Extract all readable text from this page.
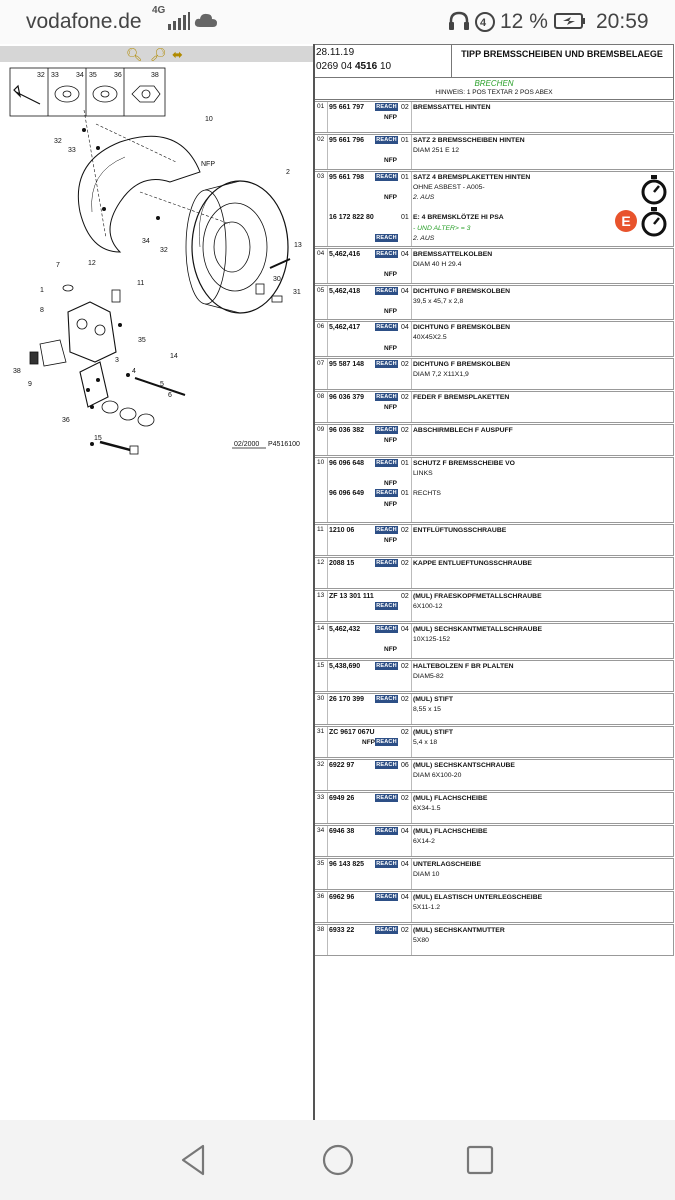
vodafone.de 4G
4 12 % 20:59
🔍︎ 🔎︎ ⬌
02/2000 P4516100
32 33 34 35 36	38
10
32
33
NFP
2
34
32
7	12
11
13
30
31
1
8
35
14
38
9
3
4
5
6
36
15
28.11.19
0269 04 4516 10
TIPP BREMSSCHEIBEN UND BREMSBELAEGE
BRECHEN
HINWEIS: 1 POS TEXTAR 2 POS ABEX
01 95 661 797 REACH 02 BREMSSATTEL HINTEN
NFP
02 95 661 796 REACH 01 SATZ 2 BREMSSCHEIBEN HINTEN
DIAM 251 E 12
NFP
03 95 661 798 REACH 01 SATZ 4 BREMSPLAKETTEN HINTEN
OHNE ASBEST - A005-
NFP 2. AUS
16 172 822 80	01 E: 4 BREMSKLÖTZE HI PSA
- UND ALTER> = 3
REACH 2. AUS
E
04 5,462,416	REACH 04 BREMSSATTELKOLBEN
DIAM 40 H 29.4
NFP
05 5,462,418	REACH 04 DICHTUNG F BREMSKOLBEN
39,5 x 45,7 x 2,8
NFP
06 5,462,417	REACH 04 DICHTUNG F BREMSKOLBEN
40X45X2.5
NFP
07 95 587 148 REACH 02 DICHTUNG F BREMSKOLBEN
DIAM 7,2 X11X1,9
08 96 036 379 REACH 02 FEDER F BREMSPLAKETTEN
NFP
09 96 036 382 REACH 02 ABSCHIRMBLECH F AUSPUFF
NFP
10 96 096 648 REACH 01 SCHUTZ F BREMSSCHEIBE VO
LINKS
NFP
96 096 649 REACH 01 RECHTS
NFP
11 1210 06	REACH 02 ENTFLÜFTUNGSSCHRAUBE
NFP
12 2088 15	REACH 02 KAPPE ENTLUEFTUNGSSCHRAUBE
13 ZF 13 301 111	02 (MUL) FRAESKOPFMETALLSCHRAUBE
REACH 6X100-12
14 5,462,432	REACH 04 (MUL) SECHSKANTMETALLSCHRAUBE
10X125-152
NFP
15 5,438,690	REACH 02 HALTEBOLZEN F BR PLALTEN
DIAM5-82
30 26 170 399 REACH 02 (MUL) STIFT
8,55 x 15
31 ZC 9617 067U	02 (MUL) STIFT
NFP REACH 5,4 x 18
32 6922 97	REACH 06 (MUL) SECHSKANTSCHRAUBE
DIAM 6X100-20
33 6949 26	REACH 02 (MUL) FLACHSCHEIBE
6X34-1.5
34 6946 38	REACH 04 (MUL) FLACHSCHEIBE
6X14-2
35 96 143 825 REACH 04 UNTERLAGSCHEIBE
DIAM 10
36 6962 96	REACH 04 (MUL) ELASTISCH UNTERLEGSCHEIBE
5X11-1.2
38 6933 22	REACH 02 (MUL) SECHSKANTMUTTER
5X80
